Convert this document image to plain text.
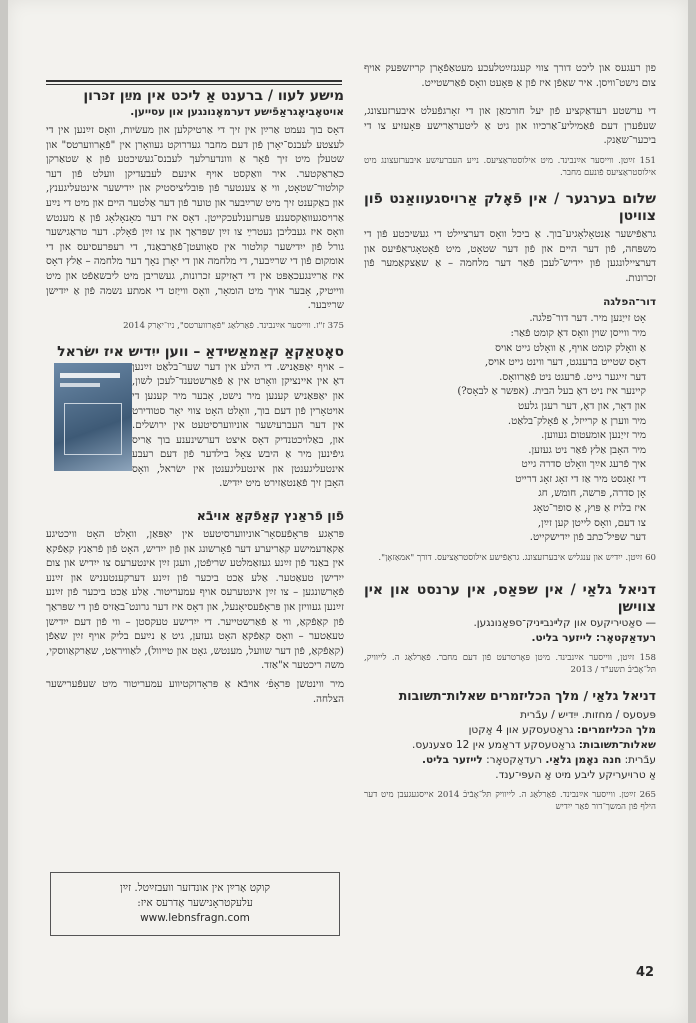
פון רעגעס און ליכט דורך צווי קעגנזײַטלעכע מעטאַפֿאָרן קריזשפּעק אויף צום נישט־וויסן. איר שאַפֿן איז פֿון אַ פּאָעט וואָס פֿאַרשטייט.

די ערשטע רעדאַקציע פֿון יעל חורמאַן און די זאָרגפֿעלט איבערזעצונג, שעפֿערן דעם פֿאַמיליע־אַרכיוו און גיט אַ ליטעראַרישע פּאָעזיע צו די ביכער־שאַנק.

151 זײַטן. ווייסער אײַנבינד. מיט אילוסטראַציעס. נייע העברעיִשע איבערזעצונג מיט אילוסטראַציעס פֿונעם מחבר.

שלום בערגער / אין פֿאָלק אַרויסגעוואַנט פֿון צוויטן

גראַפֿישער אַנטאָלאָגיע־בוך. אַ ביכל וואָס דערציילט די געשיכטע פֿון די משפּחה, פֿון דער היים און פֿון דער שטאָט, מיט פֿאָטאָגראַפֿיעס און דערציילונגען פֿון יידיש־לעבן פֿאַר דער מלחמה – אַ שאַצקאַמער פֿון זכרונות.

דור־הפלגה

אָט זייַנען מיר. דער דור־פלגה.
מיר ווייסן שוין וואָס דאָ קומט פֿאַר:
אַ וואָלק קומט אויף, אַ וואָלט גייט אויס
דאָס שטייט ברענגט, דער ווינט גייט אויס,
דער זייגער גייט. פֿרעגט ניט פֿאַרוואָס.
קיינער איז ניט דאָ בעל הבית. (אפשר אַ לבאָס?)
און דאָר, און דאָ, דער רעגן גלעט
מיר ווערן אַ קרייזל, אַ פֿאָלק־בלאַט.
מיר זייַנען אומעטום געווען.
מיר האָבן אַלץ פֿאַר ניט געזען.
איך פֿרעג אײַך וואָלט סדרה גייט
די זאָגסט מיר אַז די זאָג זאָג דרייט
אָן סדרה, פּרשה, חומש, חג
איז בלויז אַ פּוץ, אַ סופר־טאָג
צו דעם, וואָס לייטן קען זײַן,
דער שפּיל־כּתב פֿון ייִדישקייט.

60 זײַטן. ייִדיש און ענגליש איבערזעצונג. גראַפֿישע אילוסטראַציעס. דורך "אמאַזאָן".

דניאל גלאַי / אין שפּאַס, אין ערנסט און אין צווישן

— סאַטיריקעס און קלײנבײניק־ספּאַנונגען.

רעדאַקטאָר: לייזער בליט.

158 זײַטן, ווייסער אײַנבינד. מיטן פּאָרטרעט פֿון דעם מחבר. פֿאַרלאַג ה. לייוויק, תּל־אָבֿיבֿ תשע"ד / 2013

דניאל גלאַי / מלך הכליזמרים שאלות־תשובות

פּעסעס / מחזות. ייִדיש / עבֿרית

מלך הכליזמרים: גראַטעסקע און 4 אַקטן

שאלות־תשובות: גראַטעסקע דראַמע אין 12 סצענעס.

עבֿרית: חנה נאָמן גלאַי. רעדאַקטאָר: לייזער בליט.

אַ טרויעריקע ליבע מיט אַ העפּי־ענד.

265 זײַטן. ווייסער אײַנבינד. פֿאַרלאַג ה. לייוויק תּל־אָבֿיבֿ 2014 אייסגעגעבן מיט דער הילף פֿון המשך־דור פֿאַר ייִדיש

מישע לעװ / ברענט אַ ליכט אין מײַן זכּרון

אויטאָביאָגראַפֿישע דערמאָנונגען און עסייען.

דאָס בוך נעמט אַרײַן אין זיך די אַרטיקלען און מעשׂיות, וואָס זײַנען אין די לעצטע לעבנס־יאָרן פֿון דעם מחבר געדרוקט געוואָרן אין "פֿאָרווערטס" און שטעלן מיט זיך פֿאָר אַ ווונדערלעך לעבנס־געשיכטע פֿון אַ שטאַרקן כאַראַקטער. איר וואַקסט אויף אינעם לעבעדיקן וועלט פֿון דער קולטור־שטאָט, ווי אַ צענטער פֿון פּובליציסטיק און ייִדישער אינטעליגענץ, און באַקענט זיך מיט שרײַבער און טוער פֿון דער אַלטער היים און מיט די נײַע אַרויסגעוואַקסענע פּערזענלעכקייטן. דאָס איז דער מאָנאָלאָג פֿון אַ מענטש וואָס איז געבליבן געטרײַ צו זײַן שפּראַך און צו זײַן פֿאָלק. דער טראַגישער גורל פֿון ייִדישער קולטור אין סאָוועטן־פֿאַרבאַנד, די רעפּרעסיעס און די אומקום פֿון די שרײַבער, די מלחמה און די יאָרן נאָך דער מלחמה – אַלץ דאָס איז אַרײַנגעכאַפּט אין די דאָזיקע זכרונות, געשריבן מיט ליבשאַפֿט און מיט ווייטיק, אָבער אויך מיט הומאָר, וואָס ווייַזט די אמתע נשמה פֿון אַ ייִדישן שרײַבער.

375 ז"ז. ווייסער אײַנבינד. פֿאַרלאַג "פֿאָרווערטס", ניו־יאָרק 2014

סאָטאַקאַ קאַמאַשידאַ – ווען ייִדיש איז ישׂראל

– אויף יאַפּאַניש. די הילע אין דער שער־בלאַט זײַנען דאָ אין איינציקן וואָרט אין אַ פֿאַרשטענד־לעכן לשון, און יאַפּאַניש קענען מיר נישט, אָבער מיר קענען די אויטאָרין פֿון דעם בוך, וואָלט האָט צווי יאָר סטודירט אין דער העברעיִשער אוניווערסיטעט אין ירושלים. און, באַלויכטנדיק דאָס איצט דערשינענע בוך אַריס גיפֿינען מיר אַ היבש צאָל בילדער פֿון דעם רעבע אינטעליגענטן און אינטעליגענטן אין ישׂראל, וואָס האָבן זיך פֿאַנטאַזירט מיט ייִדיש.

פֿון פֿראַנץ קאַפֿקאַ אויבֿא

פּראָגע פּראָפֿעסאָר־אוניווערסיטעט אין יאַפּאַן, וואָלט האָט וויכטיגע אַקאַדעמישע קאַריערע דער פֿאָרשונג און פֿון ייִדיש, האָט פֿון פֿראַנץ קאַפֿקאַ אין באַנד פֿון זײַנע געזאַמלטע שריפֿטן, וועגן זײַן אינטערעס צו ייִדיש און צום ייִדישן טעאַטער. אַלע אַכט ביכער פֿון זײַנע דערקענטעניש און זײַנע פֿאָרשונגען – צו זײַן אינטערעס אויף עמעריטור. אַלע אַכט ביכער פֿון זײַנע זײַנען געוויזן און פּראָפֿעסיאָנעל, און דאָס איז דער גרונט־באַזיס פֿון די שפּראַך פֿון קאַפֿקאַ, ווי אַ פֿאַרשטייער. די ייִדישע טעקסטן – ווי פֿון דעם ייִדישן טעאַטער – וואָס קאַפֿקאַ האָט געזען, גיט אַ נײַעם בליק אויף זײַן שאַפֿן (קאַפֿקאַ, פֿון דער שוועל, מענטש, גאָט און טייוול), לאַוויראַט, שאַרקאַווסקי, משה ריכטער א"אַזד.

מיר ווינטשן פּראָפֿ׳ אויבֿא אַ פּראָדוקטיווע עמעריטור מיט שעפֿערישער הצלחה.

קוקט אַרײַן אין אונדזער וועבזײַטל. זײַן

עלעקטראָנישער אַדרעס איז:

www.lebnsfragn.com

42
